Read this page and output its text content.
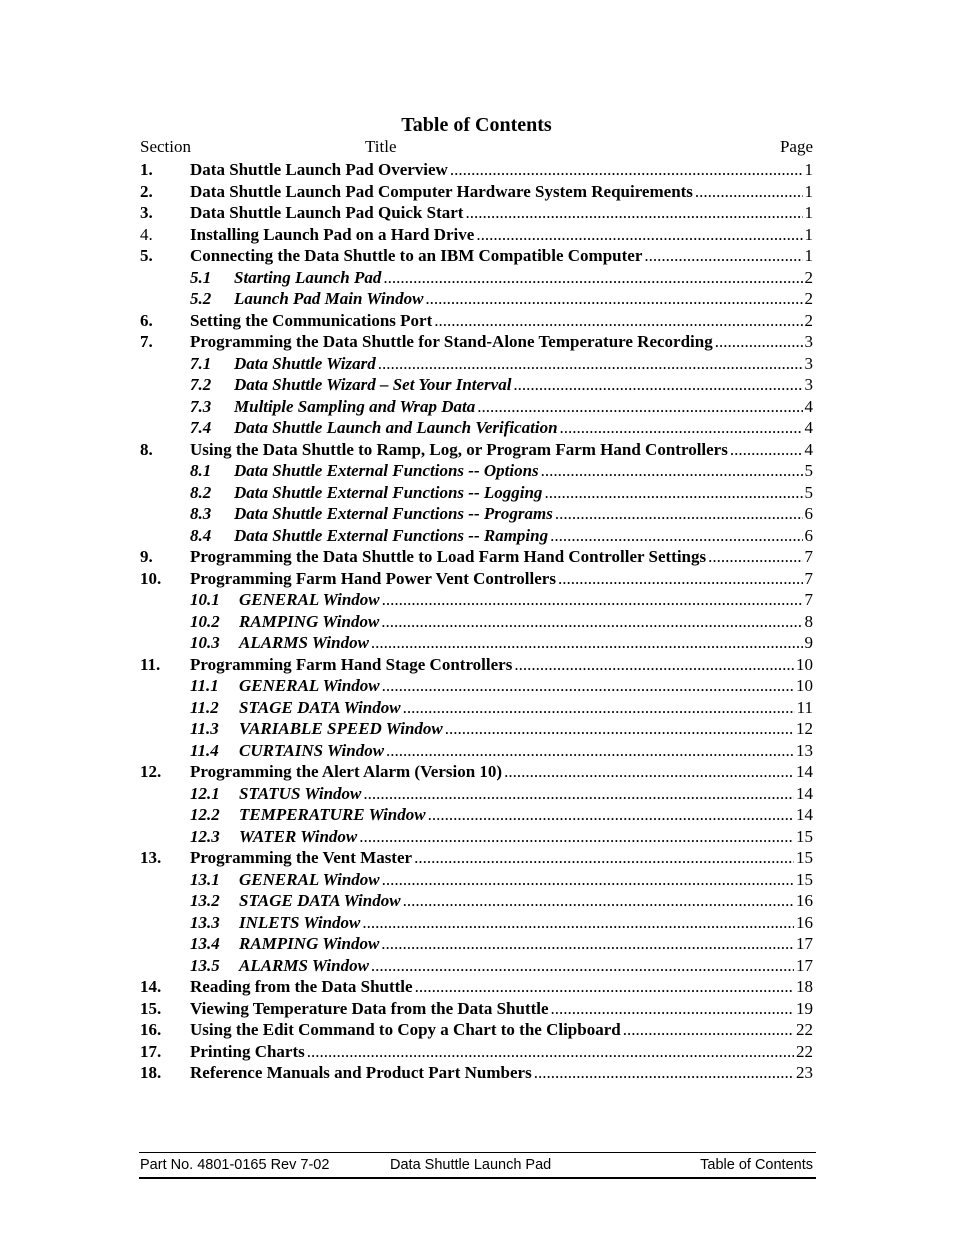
Table of Contents
Section	Title	Page
1. Data Shuttle Launch Pad Overview .....	1
2. Data Shuttle Launch Pad Computer Hardware System Requirements .....	1
3. Data Shuttle Launch Pad Quick Start .....	1
4. Installing Launch Pad on a Hard Drive .....	1
5. Connecting the Data Shuttle to an IBM Compatible Computer .....	1
5.1	Starting Launch Pad .....	2
5.2	Launch Pad Main Window .....	2
6. Setting the Communications Port .....	2
7. Programming the Data Shuttle for Stand-Alone Temperature Recording .....	3
7.1	Data Shuttle Wizard .....	3
7.2	Data Shuttle Wizard – Set Your Interval .....	3
7.3	Multiple Sampling and Wrap Data .....	4
7.4	Data Shuttle Launch and Launch Verification .....	4
8. Using the Data Shuttle to Ramp, Log, or Program Farm Hand Controllers .....	4
8.1	Data Shuttle External Functions -- Options .....	5
8.2	Data Shuttle External Functions -- Logging .....	5
8.3	Data Shuttle External Functions -- Programs .....	6
8.4	Data Shuttle External Functions -- Ramping .....	6
9. Programming the Data Shuttle to Load Farm Hand Controller Settings .....	7
10. Programming Farm Hand Power Vent Controllers .....	7
10.1	GENERAL Window .....	7
10.2	RAMPING Window .....	8
10.3	ALARMS Window .....	9
11. Programming Farm Hand Stage Controllers .....	10
11.1	GENERAL Window .....	10
11.2	STAGE DATA Window .....	11
11.3	VARIABLE SPEED Window .....	12
11.4	CURTAINS Window .....	13
12. Programming the Alert Alarm (Version 10) .....	14
12.1	STATUS Window .....	14
12.2	TEMPERATURE Window .....	14
12.3	WATER Window .....	15
13. Programming the Vent Master .....	15
13.1	GENERAL Window .....	15
13.2	STAGE DATA Window .....	16
13.3	INLETS Window .....	16
13.4	RAMPING Window .....	17
13.5	ALARMS Window .....	17
14. Reading from the Data Shuttle .....	18
15. Viewing Temperature Data from the Data Shuttle .....	19
16. Using the Edit Command to Copy a Chart to the Clipboard .....	22
17. Printing Charts .....	22
18. Reference Manuals and Product Part Numbers .....	23
Part No. 4801-0165 Rev 7-02	Data Shuttle Launch Pad	Table of Contents
